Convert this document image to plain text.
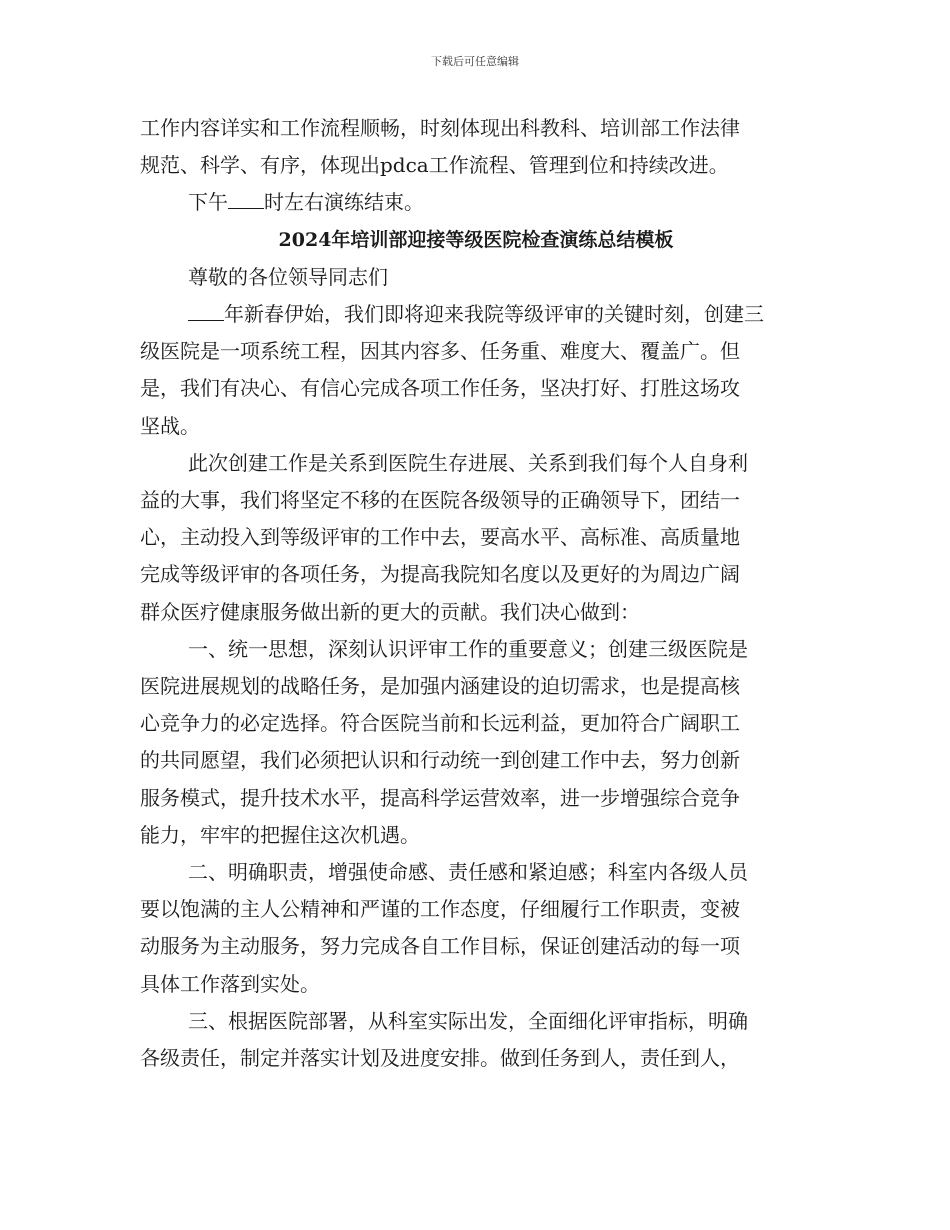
下载后可任意编辑

工作内容详实和工作流程顺畅，时刻体现出科教科、培训部工作法律
规范、科学、有序，体现出pdca工作流程、管理到位和持续改进。

下午 时左右演练结束。

2024年培训部迎接等级医院检查演练总结模板

尊敬的各位领导同志们

年新春伊始，我们即将迎来我院等级评审的关键时刻，创建三
级医院是一项系统工程，因其内容多、任务重、难度大、覆盖广。但
是，我们有决心、有信心完成各项工作任务，坚决打好、打胜这场攻
坚战。

此次创建工作是关系到医院生存进展、关系到我们每个人自身利
益的大事，我们将坚定不移的在医院各级领导的正确领导下，团结一
心，主动投入到等级评审的工作中去，要高水平、高标准、高质量地
完成等级评审的各项任务，为提高我院知名度以及更好的为周边广阔
群众医疗健康服务做出新的更大的贡献。我们决心做到：

一、统一思想，深刻认识评审工作的重要意义；创建三级医院是
医院进展规划的战略任务，是加强内涵建设的迫切需求，也是提高核
心竞争力的必定选择。符合医院当前和长远利益，更加符合广阔职工
的共同愿望，我们必须把认识和行动统一到创建工作中去，努力创新
服务模式，提升技术水平，提高科学运营效率，进一步增强综合竞争
能力，牢牢的把握住这次机遇。

二、明确职责，增强使命感、责任感和紧迫感；科室内各级人员
要以饱满的主人公精神和严谨的工作态度，仔细履行工作职责，变被
动服务为主动服务，努力完成各自工作目标，保证创建活动的每一项
具体工作落到实处。

三、根据医院部署，从科室实际出发，全面细化评审指标，明确
各级责任，制定并落实计划及进度安排。做到任务到人，责任到人，
